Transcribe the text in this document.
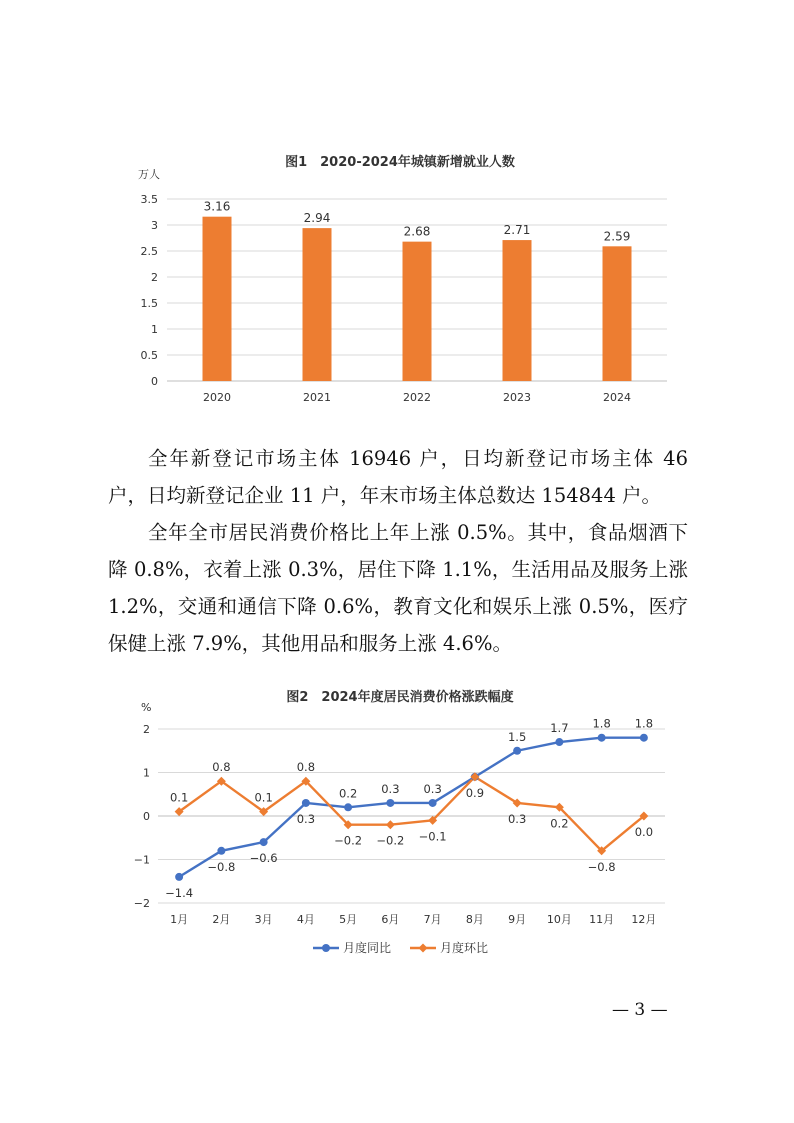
图1　2020-2024年城镇新增就业人数
万人
0
0.5
1
1.5
2
2.5
3
3.5
3.16
2020
2.94
2021
2.68
2022
2.71
2023
2.59
2024
全年新登记市场主体 16946 户，日均新登记市场主体 46 户，日均新登记企业 11 户，年末市场主体总数达 154844 户。
全年全市居民消费价格比上年上涨 0.5%。其中，食品烟酒下降 0.8%，衣着上涨 0.3%，居住下降 1.1%，生活用品及服务上涨 1.2%，交通和通信下降 0.6%，教育文化和娱乐上涨 0.5%，医疗保健上涨 7.9%，其他用品和服务上涨 4.6%。
图2　2024年度居民消费价格涨跌幅度
%
−2
−1
0
1
2
1月 2月 3月 4月 5月 6月 7月 8月 9月 10月 11月 12月
−1.4
−0.8
−0.6
0.3
0.2 0.3 0.3 0.9
1.5
1.7 1.8 1.8
0.1
0.8
0.1
0.8
−0.2 −0.2 −0.1
0.3 0.2
−0.8
0.0
月度同比	月度环比
— 3 —
